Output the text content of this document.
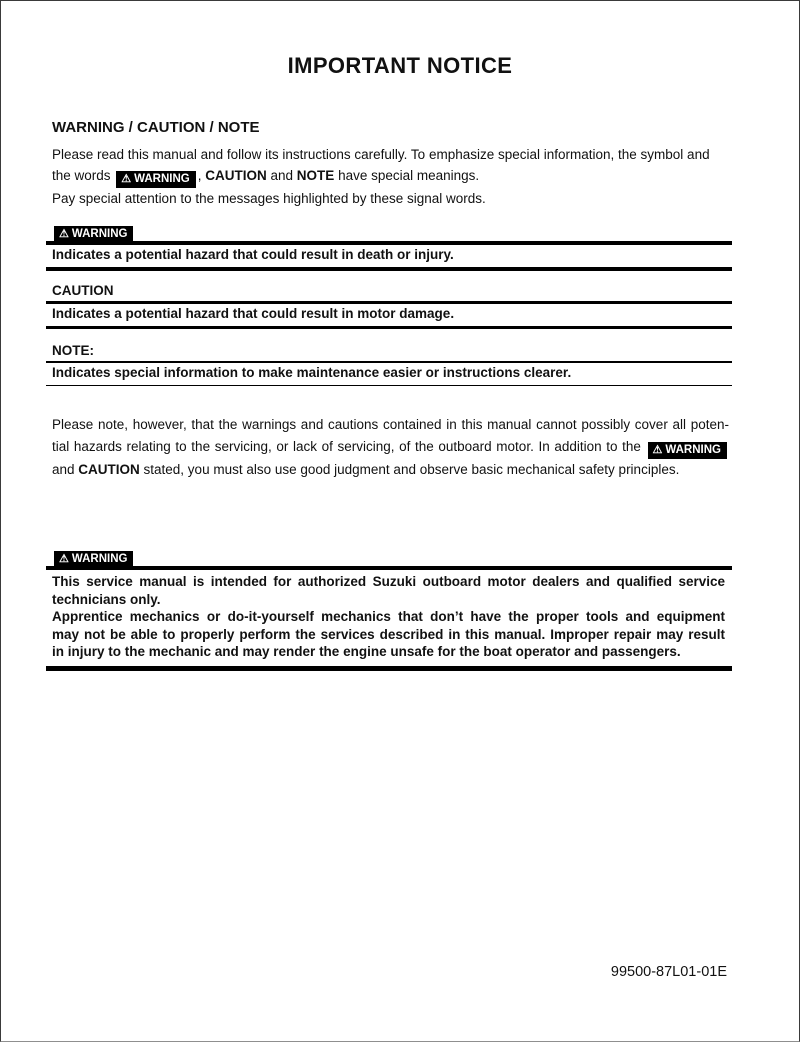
IMPORTANT NOTICE
WARNING / CAUTION / NOTE
Please read this manual and follow its instructions carefully. To emphasize special information, the symbol and
the words ⚠ WARNING , CAUTION and NOTE have special meanings.
Pay special attention to the messages highlighted by these signal words.
⚠ WARNING
Indicates a potential hazard that could result in death or injury.
CAUTION
Indicates a potential hazard that could result in motor damage.
NOTE:
Indicates special information to make maintenance easier or instructions clearer.
Please note, however, that the warnings and cautions contained in this manual cannot possibly cover all poten-
tial hazards relating to the servicing, or lack of servicing, of the outboard motor. In addition to the ⚠ WARNING
and CAUTION stated, you must also use good judgment and observe basic mechanical safety principles.
⚠ WARNING
This service manual is intended for authorized Suzuki outboard motor dealers and qualified service
technicians only.
Apprentice mechanics or do-it-yourself mechanics that don’t have the proper tools and equipment
may not be able to properly perform the services described in this manual. Improper repair may result
in injury to the mechanic and may render the engine unsafe for the boat operator and passengers.
99500-87L01-01E
